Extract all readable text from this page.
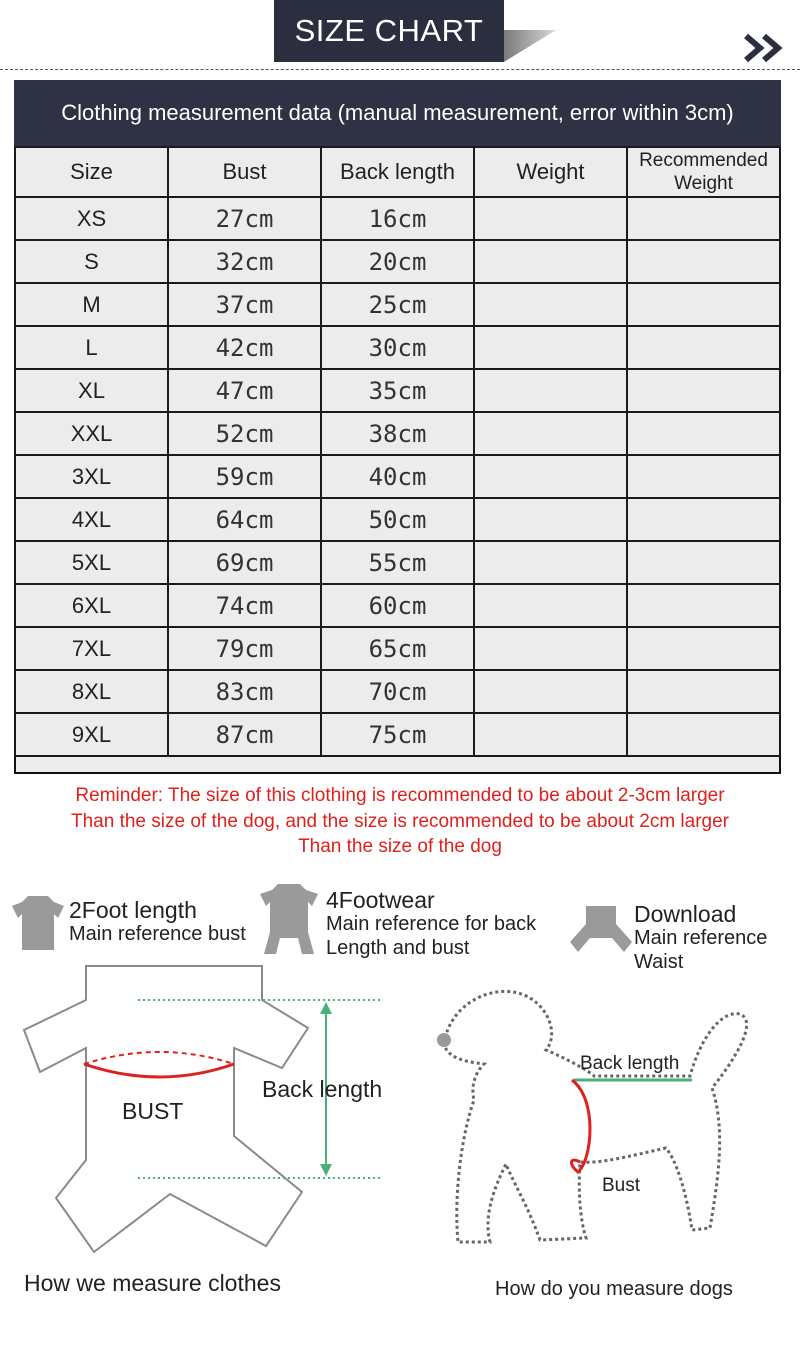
SIZE CHART
Clothing measurement data (manual measurement, error within 3cm)
Size	Bust	Back length	Weight	Recommended Weight
XS	27cm	16cm		
S	32cm	20cm		
M	37cm	25cm		
L	42cm	30cm		
XL	47cm	35cm		
XXL	52cm	38cm		
3XL	59cm	40cm		
4XL	64cm	50cm		
5XL	69cm	55cm		
6XL	74cm	60cm		
7XL	79cm	65cm		
8XL	83cm	70cm		
9XL	87cm	75cm		
Reminder: The size of this clothing is recommended to be about 2-3cm larger
Than the size of the dog, and the size is recommended to be about 2cm larger
Than the size of the dog
2Foot length
Main reference bust
4Footwear
Main reference for back
Length and bust
Download
Main reference
Waist
BUST
Back length
How we measure clothes
Back length
Bust
How do you measure dogs
